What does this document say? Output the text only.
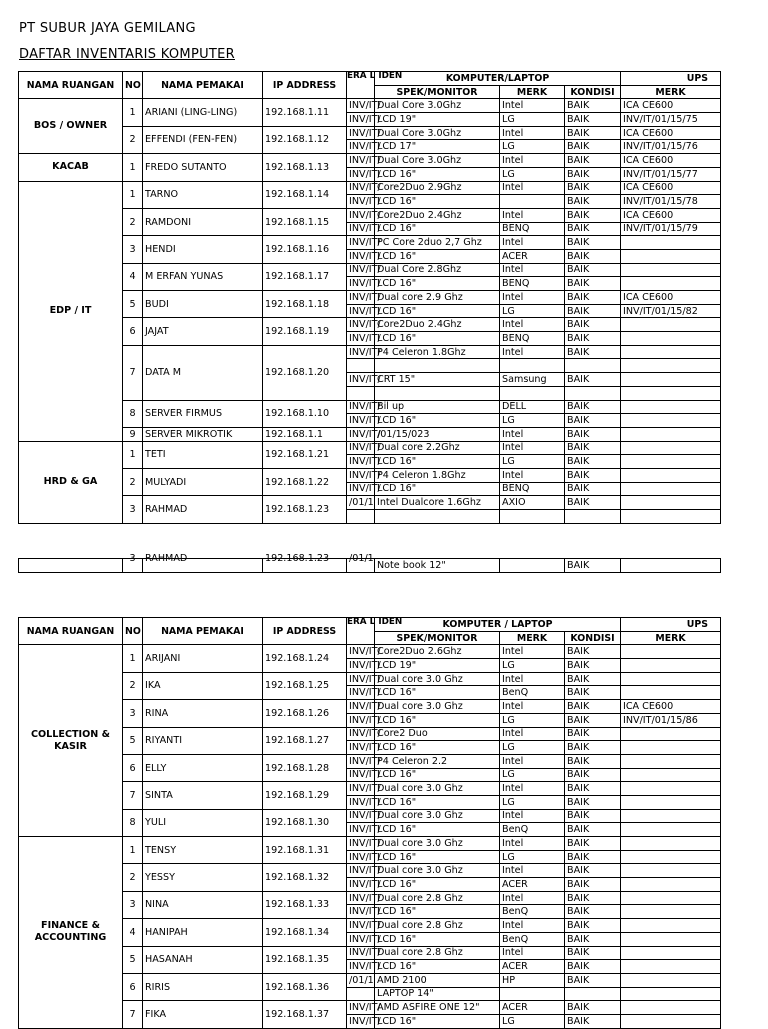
PT SUBUR JAYA GEMILANG
DAFTAR INVENTARIS KOMPUTER
NAMA RUANGAN	NO	NAMA PEMAKAI	IP ADDRESS	ERA L IDEN	KOMPUTER/LAPTOP			UPS
					SPEK/MONITOR	MERK	KONDISI	MERK
BOS / OWNER	1	ARIANI (LING-LING)	192.168.1.11	INV/IT/	Dual Core 3.0Ghz	Intel	BAIK	ICA CE600
				INV/IT/	LCD 19"	LG	BAIK	INV/IT/01/15/75
	2	EFFENDI (FEN-FEN)	192.168.1.12	INV/IT/	Dual Core 3.0Ghz	Intel	BAIK	ICA CE600
				INV/IT/	LCD 17"	LG	BAIK	INV/IT/01/15/76
KACAB	1	FREDO SUTANTO	192.168.1.13	INV/IT/	Dual Core 3.0Ghz	Intel	BAIK	ICA CE600
				INV/IT/	LCD 16"	LG	BAIK	INV/IT/01/15/77
EDP / IT	1	TARNO	192.168.1.14	INV/IT/	Core2Duo 2.9Ghz	Intel	BAIK	ICA CE600
				INV/IT/	LCD 16"		BAIK	INV/IT/01/15/78
	2	RAMDONI	192.168.1.15	INV/IT/	Core2Duo 2.4Ghz	Intel	BAIK	ICA CE600
				INV/IT/	LCD 16"	BENQ	BAIK	INV/IT/01/15/79
	3	HENDI	192.168.1.16	INV/IT/	PC Core 2duo 2,7 Ghz	Intel	BAIK	
				INV/IT/	LCD 16"	ACER	BAIK	
	4	M ERFAN YUNAS	192.168.1.17	INV/IT/	Dual Core 2.8Ghz	Intel	BAIK	
				INV/IT/	LCD 16"	BENQ	BAIK	
	5	BUDI	192.168.1.18	INV/IT/	Dual core 2.9 Ghz	Intel	BAIK	ICA CE600
				INV/IT/	LCD 16"	LG	BAIK	INV/IT/01/15/82
	6	JAJAT	192.168.1.19	INV/IT/	Core2Duo 2.4Ghz	Intel	BAIK	
				INV/IT/	LCD 16"	BENQ	BAIK	
	7	DATA M	192.168.1.20	INV/IT/	P4 Celeron 1.8Ghz	Intel	BAIK	

				INV/IT/	CRT 15"	Samsung	BAIK	

	8	SERVER FIRMUS	192.168.1.10	INV/IT/	Bil up	DELL	BAIK	
				INV/IT/	LCD 16"	LG	BAIK	
	9	SERVER MIKROTIK	192.168.1.1	INV/IT/	/01/15/023	Intel	BAIK	
HRD & GA	1	TETI	192.168.1.21	INV/IT/	Dual core 2.2Ghz	Intel	BAIK	
				INV/IT/	LCD 16"	LG	BAIK	
	2	MULYADI	192.168.1.22	INV/IT/	P4 Celeron 1.8Ghz	Intel	BAIK	
				INV/IT/	LCD 16"	BENQ	BAIK	
	3	RAHMAD	192.168.1.23	/01/1	Intel Dualcore 1.6Ghz	AXIO	BAIK	

	3	RAHMAD	192.168.1.23	/01/1	Note book 12"		BAIK	
NAMA RUANGAN	NO	NAMA PEMAKAI	IP ADDRESS	ERA L IDEN	KOMPUTER / LAPTOP			UPS
					SPEK/MONITOR	MERK	KONDISI	MERK
COLLECTION & KASIR	1	ARIJANI	192.168.1.24	INV/IT/	Core2Duo 2.6Ghz	Intel	BAIK	
				INV/IT/	LCD 19"	LG	BAIK	
	2	IKA	192.168.1.25	INV/IT/	Dual core 3.0 Ghz	Intel	BAIK	
				INV/IT/	LCD 16"	BenQ	BAIK	
	3	RINA	192.168.1.26	INV/IT/	Dual core 3.0 Ghz	Intel	BAIK	ICA CE600
				INV/IT/	LCD 16"	LG	BAIK	INV/IT/01/15/86
	5	RIYANTI	192.168.1.27	INV/IT/	Core2 Duo	Intel	BAIK	
				INV/IT/	LCD 16"	LG	BAIK	
	6	ELLY	192.168.1.28	INV/IT/	P4 Celeron 2.2	Intel	BAIK	
				INV/IT/	LCD 16"	LG	BAIK	
	7	SINTA	192.168.1.29	INV/IT/	Dual core 3.0 Ghz	Intel	BAIK	
				INV/IT/	LCD 16"	LG	BAIK	
	8	YULI	192.168.1.30	INV/IT/	Dual core 3.0 Ghz	Intel	BAIK	
				INV/IT/	LCD 16"	BenQ	BAIK	
FINANCE & ACCOUNTING	1	TENSY	192.168.1.31	INV/IT/	Dual core 3.0 Ghz	Intel	BAIK	
				INV/IT/	LCD 16"	LG	BAIK	
	2	YESSY	192.168.1.32	INV/IT/	Dual core 3.0 Ghz	Intel	BAIK	
				INV/IT/	LCD 16"	ACER	BAIK	
	3	NINA	192.168.1.33	INV/IT/	Dual core 2.8 Ghz	Intel	BAIK	
				INV/IT/	LCD 16"	BenQ	BAIK	
	4	HANIPAH	192.168.1.34	INV/IT/	Dual core 2.8 Ghz	Intel	BAIK	
				INV/IT/	LCD 16"	BenQ	BAIK	
	5	HASANAH	192.168.1.35	INV/IT/	Dual core 2.8 Ghz	Intel	BAIK	
				INV/IT/	LCD 16"	ACER	BAIK	
	6	RIRIS	192.168.1.36	/01/1	AMD 2100	HP	BAIK	
					LAPTOP 14"			
	7	FIKA	192.168.1.37	INV/IT/	AMD ASFIRE ONE 12"	ACER	BAIK	
				INV/IT/	LCD 16"	LG	BAIK	
